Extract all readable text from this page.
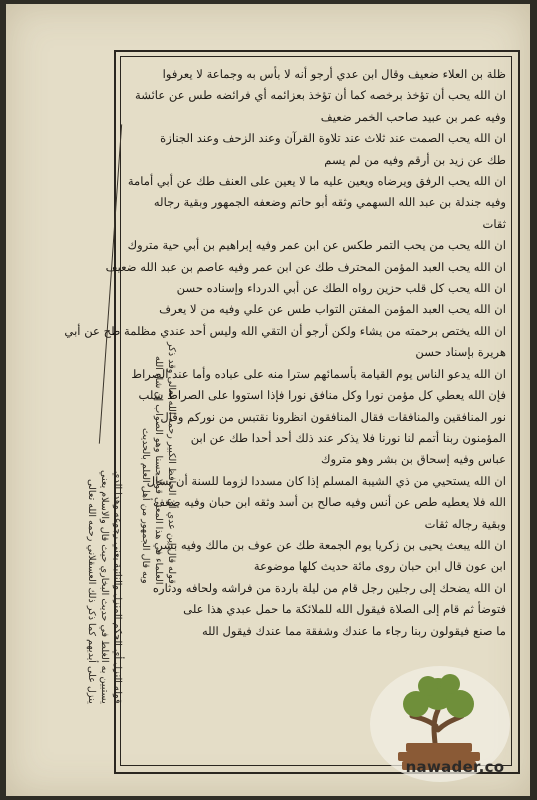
ظلة بن العلاء ضعيف وقال ابن عدي أرجو أنه لا بأس به وجماعة لا يعرفوا
ان الله يحب أن تؤخذ برخصه كما أن تؤخذ بعزائمه أي فرائضه طس عن عائشة
وفيه عمر بن عبيد صاحب الخمر ضعيف
ان الله يحب الصمت عند ثلاث عند تلاوة القرآن وعند الزحف وعند الجنازة
طك عن زيد بن أرقم وفيه من لم يسم
ان الله يحب الرفق ويرضاه ويعين عليه ما لا يعين على العنف طك عن أبي أمامة
وفيه جندلة بن عبد الله السهمي وثقه أبو حاتم وضعفه الجمهور وبقية رجاله
ثقات
ان الله يحب من يحب التمر طكس عن ابن عمر وفيه إبراهيم بن أبي حية متروك
ان الله يحب العبد المؤمن المحترف طك عن ابن عمر وفيه عاصم بن عبد الله ضعيف
ان الله يحب كل قلب حزين رواه الطك عن أبي الدرداء وإسناده حسن
ان الله يحب العبد المؤمن المفتن التواب طس عن علي وفيه من لا يعرف
ان الله يختص برحمته من يشاء ولكن أرجو أن التقي الله وليس أحد عندي مظلمة طح عن أبي
هريرة بإسناد حسن
ان الله يدعو الناس يوم القيامة بأسمائهم سترا منه على عباده وأما عند الصراط
فإن الله يعطي كل مؤمن نورا وكل منافق نورا فإذا استووا على الصراط سلب
نور المنافقين والمنافقات فقال المنافقون انظرونا نقتبس من نوركم وقال
المؤمنون ربنا أتمم لنا نورنا فلا يذكر عند ذلك أحد أحدا طك عن ابن
عباس وفيه إسحاق بن بشر وهو متروك
ان الله يستحيي من ذي الشيبة المسلم إذا كان مسددا لزوما للسنة أن يسأل
الله فلا يعطيه طص عن أنس وفيه صالح بن أسد وثقه ابن حبان وفيه ضعف
وبقية رجاله ثقات
ان الله يبعث يحيى بن زكريا يوم الجمعة طك عن عوف بن مالك وفيه بشر
ابن عون قال ابن حبان روى مائة حديث كلها موضوعة
ان الله يضحك إلى رجلين رجل قام من ليلة باردة من فراشه ولحافه ودثاره
فتوضأ ثم قام إلى الصلاة فيقول الله للملائكة ما حمل عبدي هذا على
ما صنع فيقولون ربنا رجاء ما عندك وشفقة مما عندك فيقول الله
قوله قال ابن عدي أي الحافظ الكبير رحمه الله تعالى وقد ذكر
العلماء في هذا المعنى قولا حسنا وهو الصواب إن شاء الله
وبه قال الجمهور من أهل العلم بالحديث
قوله النزل أي الحكم المنزل والنائبة يعني رجوعه وهذا الذي
يستبين به الغلط في حديث البخاري حيث قال والاسلام يعني
ينزل على أيديهم كما ذكر ذلك العسقلاني رحمه الله تعالى
nawader.co
